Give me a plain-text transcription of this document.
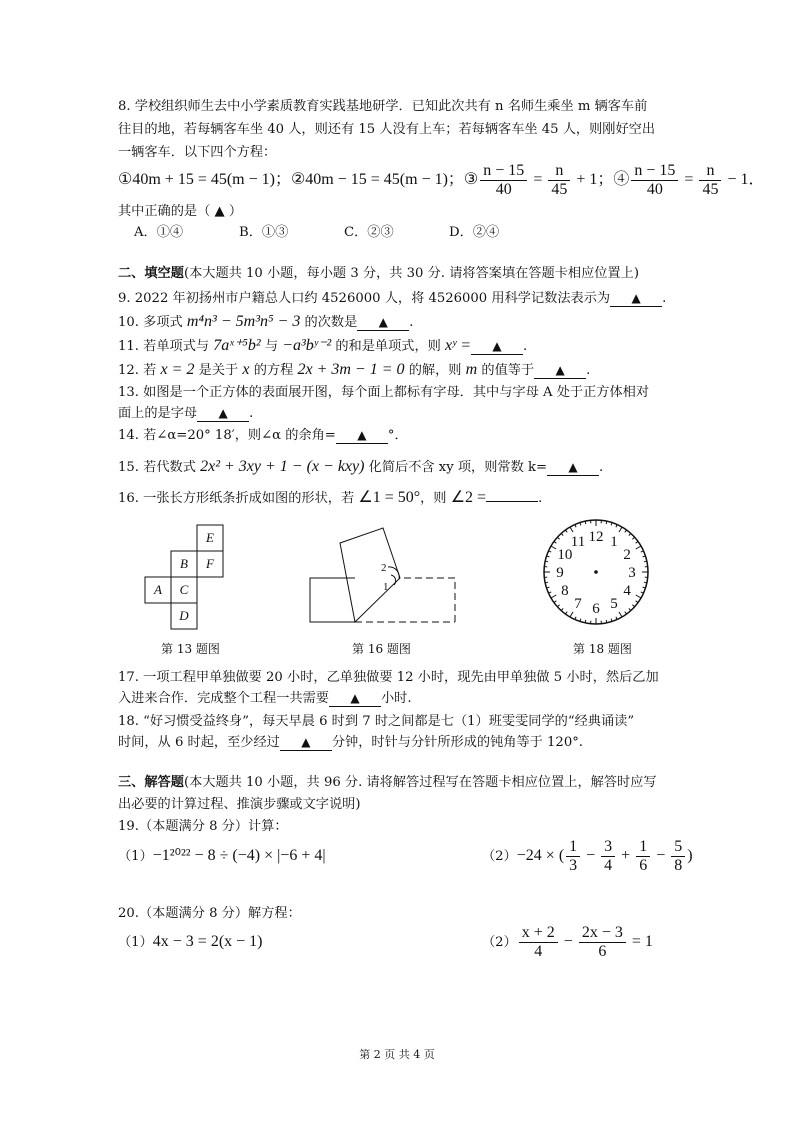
8. 学校组织师生去中小学素质教育实践基地研学．已知此次共有 n 名师生乘坐 m 辆客车前
往目的地，若每辆客车坐 40 人，则还有 15 人没有上车；若每辆客车坐 45 人，则刚好空出
一辆客车．以下四个方程：
①40m + 15 = 45(m − 1)；②40m − 15 = 45(m − 1)；③ $\frac{n - 15}{40} = \frac{n}{45} + 1$；④ $\frac{n - 15}{40} = \frac{n}{45} - 1$．
其中正确的是（ ▲ ）
A．①④	B．①③	C．②③	D．②④
二、填空题(本大题共 10 小题，每小题 3 分，共 30 分. 请将答案填在答题卡相应位置上)
9. 2022 年初扬州市户籍总人口约 4526000 人，将 4526000 用科学记数法表示为 ▲ .
10. 多项式 m⁴n³ − 5m³n⁵ − 3 的次数是 ▲ .
11. 若单项式与 7aˣ⁺⁵b² 与 −a³bʸ⁻² 的和是单项式，则 xʸ = ▲ .
12. 若 x = 2 是关于 x 的方程 2x + 3m − 1 = 0 的解，则 m 的值等于 ▲ .
13. 如图是一个正方体的表面展开图，每个面上都标有字母．其中与字母 A 处于正方体相对
面上的是字母 ▲ .
14. 若∠α=20° 18′，则∠α 的余角= ▲ °．
15. 若代数式 2x² + 3xy + 1 − (x − kxy) 化简后不含 xy 项，则常数 k= ▲ .
16. 一张长方形纸条折成如图的形状，若 ∠1 = 50°，则 ∠2 =	.
E
B F
A C
D
2
1
12 1
2
3
4
5
6
7
8
9
10
11
第 13 题图	第 16 题图	第 18 题图
17. 一项工程甲单独做要 20 小时，乙单独做要 12 小时，现先由甲单独做 5 小时，然后乙加
入进来合作．完成整个工程一共需要 ▲ 小时.
18. “好习惯受益终身”，每天早晨 6 时到 7 时之间都是七（1）班雯雯同学的“经典诵读”
时间，从 6 时起，至少经过 ▲ 分钟，时针与分针所形成的钝角等于 120°.
三、解答题(本大题共 10 小题，共 96 分. 请将解答过程写在答题卡相应位置上，解答时应写
出必要的计算过程、推演步骤或文字说明)
19.（本题满分 8 分）计算：
（1）−1²⁰²² − 8 ÷ (−4) × |−6 + 4|	（2）−24 × ( $\frac{1}{3} - \frac{3}{4} + \frac{1}{6} - \frac{5}{8}$ )
20.（本题满分 8 分）解方程：
（1）4x − 3 = 2(x − 1)	$(2) \frac{x + 2}{4} - \frac{2x - 3}{6} = 1$
第 2 页 共 4 页
